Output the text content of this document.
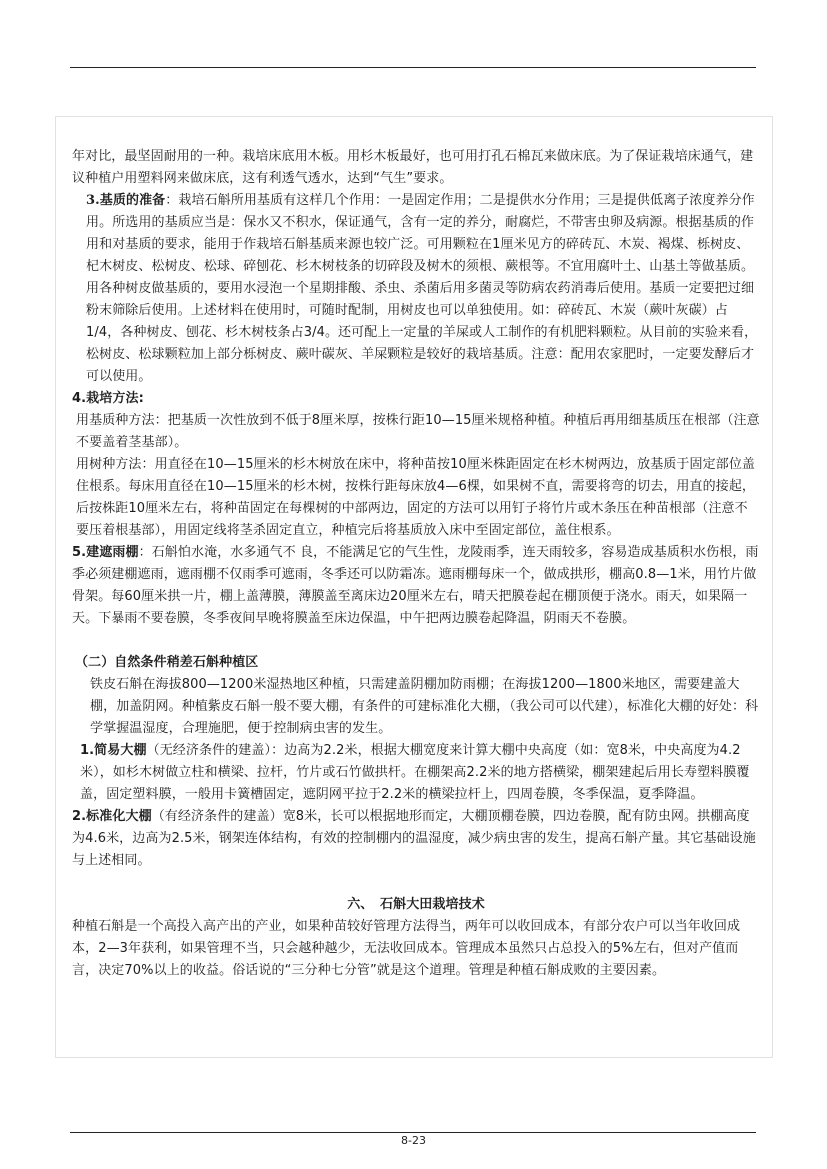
年对比，最坚固耐用的一种。栽培床底用木板。用杉木板最好，也可用打孔石棉瓦来做床底。为了保证栽培床通气，建议种植户用塑料网来做床底，这有利透气透水，达到“气生”要求。

3.基质的准备：栽培石斛所用基质有这样几个作用：一是固定作用；二是提供水分作用；三是提供低离子浓度养分作用。所选用的基质应当是：保水又不积水，保证通气，含有一定的养分，耐腐烂，不带害虫卵及病源。根据基质的作用和对基质的要求，能用于作栽培石斛基质来源也较广泛。可用颗粒在1厘米见方的碎砖瓦、木炭、褐煤、栎树皮、杞木树皮、松树皮、松球、碎刨花、杉木树枝条的切碎段及树木的须根、蕨根等。不宜用腐叶土、山基土等做基质。用各种树皮做基质的，要用水浸泡一个星期排酸、杀虫、杀菌后用多菌灵等防病农药消毒后使用。基质一定要把过细粉末筛除后使用。上述材料在使用时，可随时配制，用树皮也可以单独使用。如：碎砖瓦、木炭（蕨叶灰碳）占1/4，各种树皮、刨花、杉木树枝条占3/4。还可配上一定量的羊屎或人工制作的有机肥料颗粒。从目前的实验来看，松树皮、松球颗粒加上部分栎树皮、蕨叶碳灰、羊屎颗粒是较好的栽培基质。注意：配用农家肥时，一定要发酵后才可以使用。

4.栽培方法:

用基质种方法：把基质一次性放到不低于8厘米厚，按株行距10—15厘米规格种植。种植后再用细基质压在根部（注意不要盖着茎基部）。

用树种方法：用直径在10—15厘米的杉木树放在床中，将种苗按10厘米株距固定在杉木树两边，放基质于固定部位盖住根系。每床用直径在10—15厘米的杉木树，按株行距每床放4—6棵，如果树不直，需要将弯的切去，用直的接起，后按株距10厘米左右，将种苗固定在每棵树的中部两边，固定的方法可以用钉子将竹片或木条压在种苗根部（注意不要压着根基部），用固定线将茎杀固定直立，种植完后将基质放入床中至固定部位，盖住根系。

5.建遮雨棚：石斛怕水淹，水多通气不 良，不能满足它的气生性，龙陵雨季，连天雨较多，容易造成基质积水伤根，雨季必须建棚遮雨，遮雨棚不仅雨季可遮雨，冬季还可以防霜冻。遮雨棚每床一个，做成拱形，棚高0.8—1米，用竹片做骨架。每60厘米拱一片，棚上盖薄膜，薄膜盖至离床边20厘米左右，晴天把膜卷起在棚顶便于浇水。雨天，如果隔一天。下暴雨不要卷膜，冬季夜间早晚将膜盖至床边保温，中午把两边膜卷起降温，阴雨天不卷膜。

（二）自然条件稍差石斛种植区

铁皮石斛在海拔800—1200米湿热地区种植，只需建盖阴棚加防雨棚；在海拔1200—1800米地区，需要建盖大棚，加盖阴网。种植紫皮石斛一般不要大棚，有条件的可建标准化大棚，（我公司可以代建），标准化大棚的好处：科学掌握温湿度，合理施肥，便于控制病虫害的发生。

1.简易大棚（无经济条件的建盖）：边高为2.2米，根据大棚宽度来计算大棚中央高度（如：宽8米，中央高度为4.2米），如杉木树做立柱和横梁、拉杆，竹片或石竹做拱杆。在棚架高2.2米的地方搭横梁，棚架建起后用长寿塑料膜覆盖，固定塑料膜，一般用卡簧槽固定，遮阴网平拉于2.2米的横梁拉杆上，四周卷膜，冬季保温，夏季降温。

2.标准化大棚（有经济条件的建盖）宽8米，长可以根据地形而定，大棚顶棚卷膜，四边卷膜，配有防虫网。拱棚高度为4.6米，边高为2.5米，钢架连体结构，有效的控制棚内的温湿度，减少病虫害的发生，提高石斛产量。其它基础设施与上述相同。

六、　石斛大田栽培技术

种植石斛是一个高投入高产出的产业，如果种苗较好管理方法得当，两年可以收回成本，有部分农户可以当年收回成本，2—3年获利，如果管理不当，只会越种越少，无法收回成本。管理成本虽然只占总投入的5%左右，但对产值而言，决定70%以上的收益。俗话说的“三分种七分管”就是这个道理。管理是种植石斛成败的主要因素。

8-23
